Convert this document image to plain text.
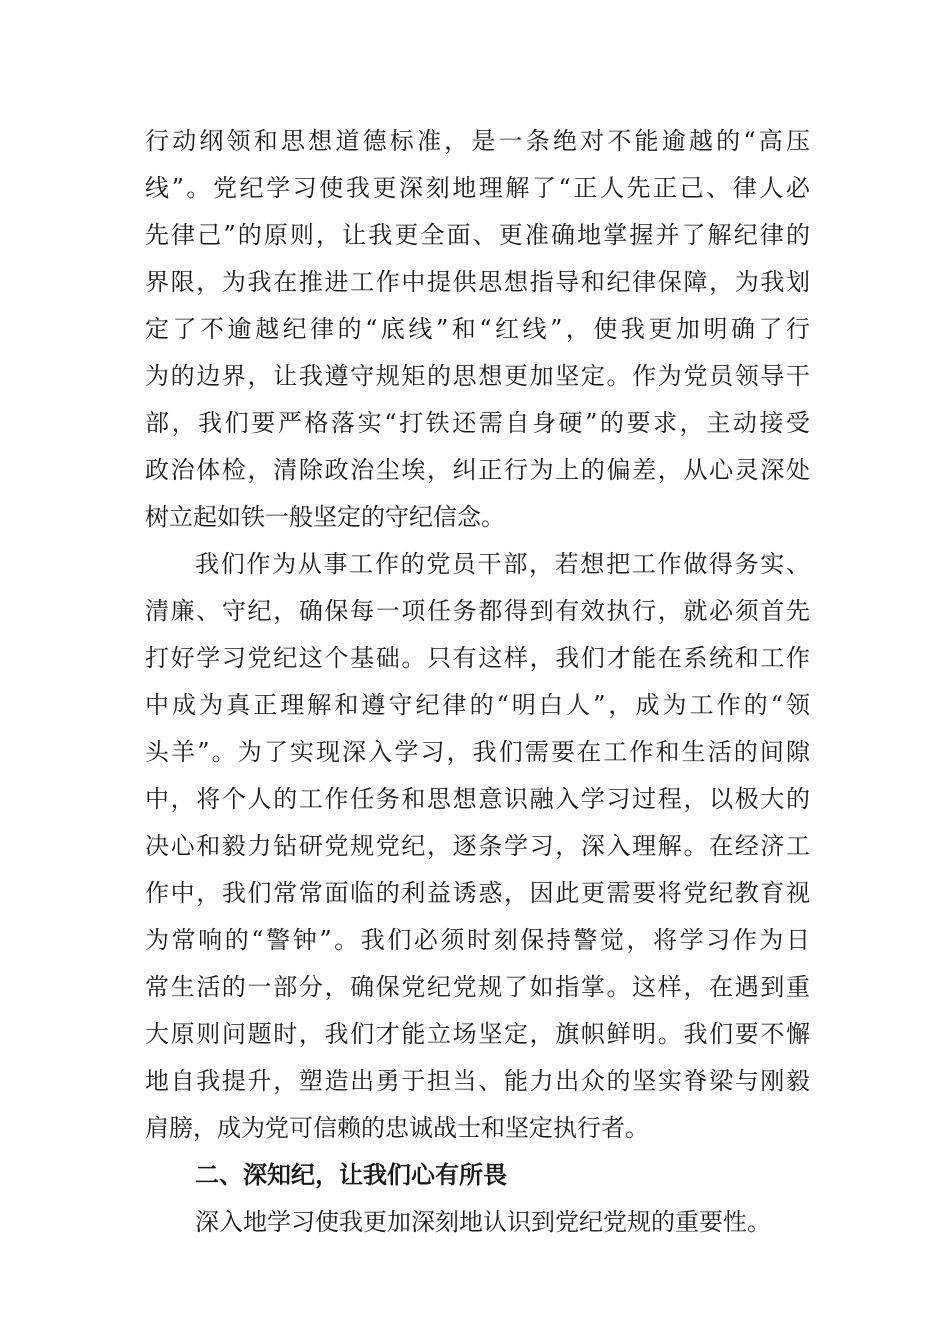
行动纲领和思想道德标准，是一条绝对不能逾越的“高压
线”。党纪学习使我更深刻地理解了“正人先正己、律人必
先律己”的原则，让我更全面、更准确地掌握并了解纪律的
界限，为我在推进工作中提供思想指导和纪律保障，为我划
定了不逾越纪律的“底线”和“红线”，使我更加明确了行
为的边界，让我遵守规矩的思想更加坚定。作为党员领导干
部，我们要严格落实“打铁还需自身硬”的要求，主动接受
政治体检，清除政治尘埃，纠正行为上的偏差，从心灵深处
树立起如铁一般坚定的守纪信念。
我们作为从事工作的党员干部，若想把工作做得务实、
清廉、守纪，确保每一项任务都得到有效执行，就必须首先
打好学习党纪这个基础。只有这样，我们才能在系统和工作
中成为真正理解和遵守纪律的“明白人”，成为工作的“领
头羊”。为了实现深入学习，我们需要在工作和生活的间隙
中，将个人的工作任务和思想意识融入学习过程，以极大的
决心和毅力钻研党规党纪，逐条学习，深入理解。在经济工
作中，我们常常面临的利益诱惑，因此更需要将党纪教育视
为常响的“警钟”。我们必须时刻保持警觉，将学习作为日
常生活的一部分，确保党纪党规了如指掌。这样，在遇到重
大原则问题时，我们才能立场坚定，旗帜鲜明。我们要不懈
地自我提升，塑造出勇于担当、能力出众的坚实脊梁与刚毅
肩膀，成为党可信赖的忠诚战士和坚定执行者。
二、深知纪，让我们心有所畏
深入地学习使我更加深刻地认识到党纪党规的重要性。
